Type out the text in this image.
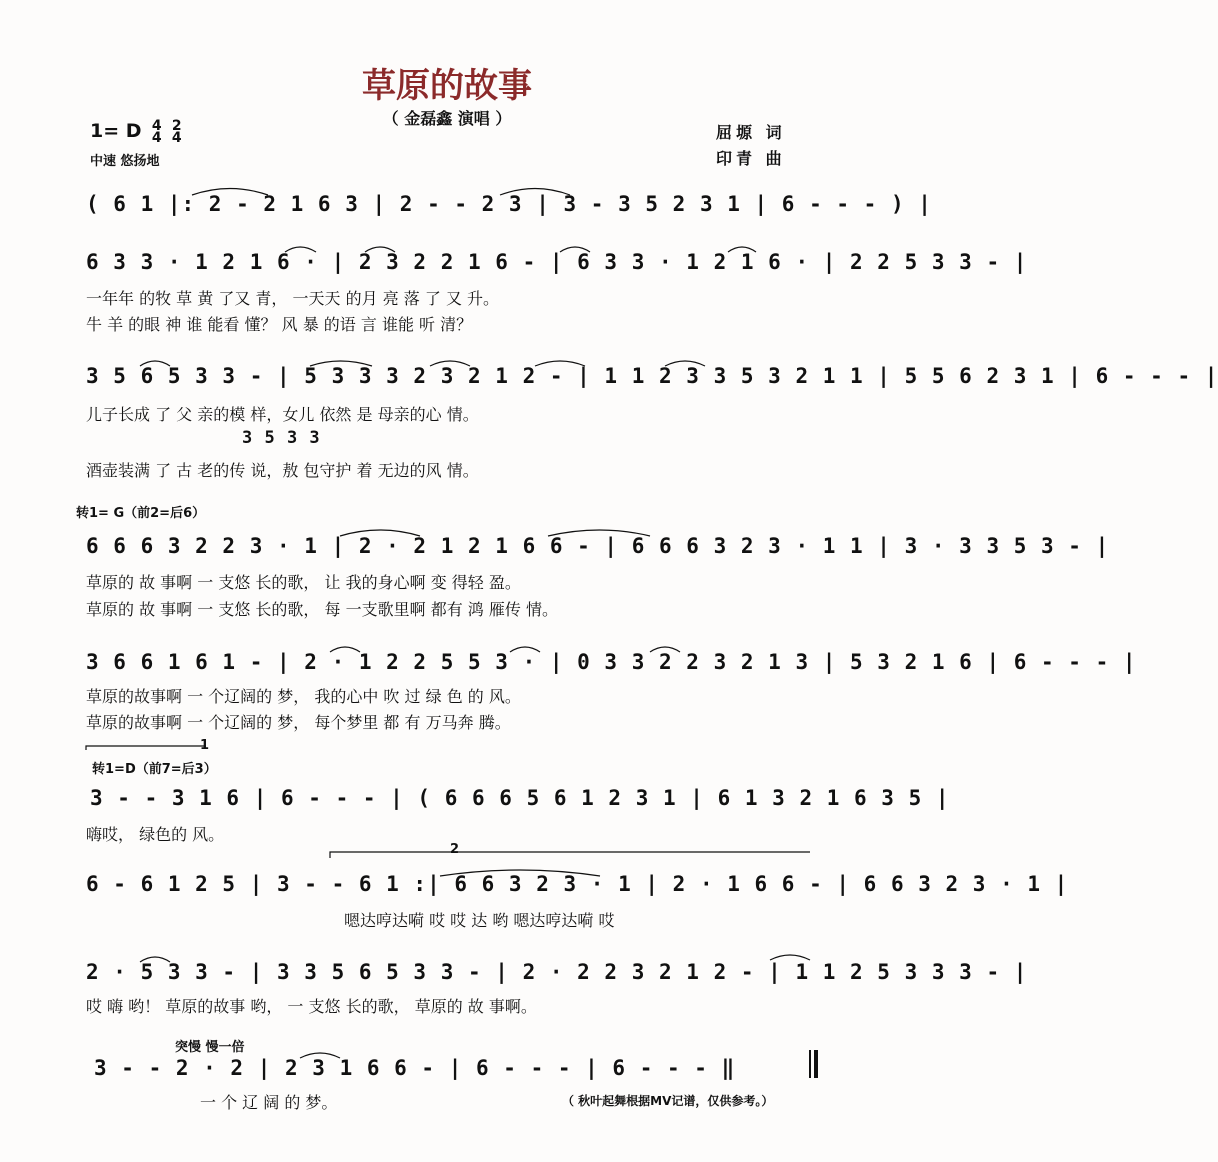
草原的故事
（ 金磊鑫 演唱 ）
1= D 4
4 2
4
中速 悠扬地
屈塬 词
印青 曲
( 6 1 |: 2 - 2 1 6 3 | 2 - - 2 3 | 3 - 3 5 2 3 1 | 6 - - - ) |
6 3 3 · 1 2 1 6 · | 2 3 2 2 1 6 - | 6 3 3 · 1 2 1 6 · | 2 2 5 3 3 - |
一年年 的牧 草 黄 了又 青， 一天天 的月 亮 落 了 又 升。
牛 羊 的眼 神 谁 能看 懂？ 风 暴 的语 言 谁能 听 清？
3 5 6 5 3 3 - | 5 3 3 3 2 3 2 1 2 - | 1 1 2 3 3 5 3 2 1 1 | 5 5 6 2 3 1 | 6 - - - |
儿子长成 了 父 亲的模 样，女儿 依然 是 母亲的心 情。
3 5 3 3
酒壶装满 了 古 老的传 说，敖 包守护 着 无边的风 情。
转1= G（前2=后6）
6 6 6 3 2 2 3 · 1 | 2 · 2 1 2 1 6 6 - | 6 6 6 3 2 3 · 1 1 | 3 · 3 3 5 3 - |
草原的 故 事啊 一 支悠 长的歌， 让 我的身心啊 变 得轻 盈。
草原的 故 事啊 一 支悠 长的歌， 每 一支歌里啊 都有 鸿 雁传 情。
3 6 6 1 6 1 - | 2 · 1 2 2 5 5 3 · | 0 3 3 2 2 3 2 1 3 | 5 3 2 1 6 | 6 - - - |
草原的故事啊 一 个辽阔的 梦， 我的心中 吹 过 绿 色 的 风。
草原的故事啊 一 个辽阔的 梦， 每个梦里 都 有 万马奔 腾。
1
转1=D（前7=后3）
3 - - 3 1 6 | 6 - - - | ( 6 6 6 5 6 1 2 3 1 | 6 1 3 2 1 6 3 5 |
嗨哎， 绿色的 风。
2
6 - 6 1 2 5 | 3 - - 6 1 :| 6 6 3 2 3 · 1 | 2 · 1 6 6 - | 6 6 3 2 3 · 1 |
嗯达哼达嗬 哎 哎 达 哟 嗯达哼达嗬 哎
2 · 5 3 3 - | 3 3 5 6 5 3 3 - | 2 · 2 2 3 2 1 2 - | 1 1 2 5 3 3 3 - |
哎 嗨 哟！ 草原的故事 哟， 一 支悠 长的歌， 草原的 故 事啊。
突慢 慢一倍
3 - - 2 · 2 | 2 3 1 6 6 - | 6 - - - | 6 - - - ‖
一 个 辽 阔 的 梦。	（ 秋叶起舞根据MV记谱，仅供参考。）
